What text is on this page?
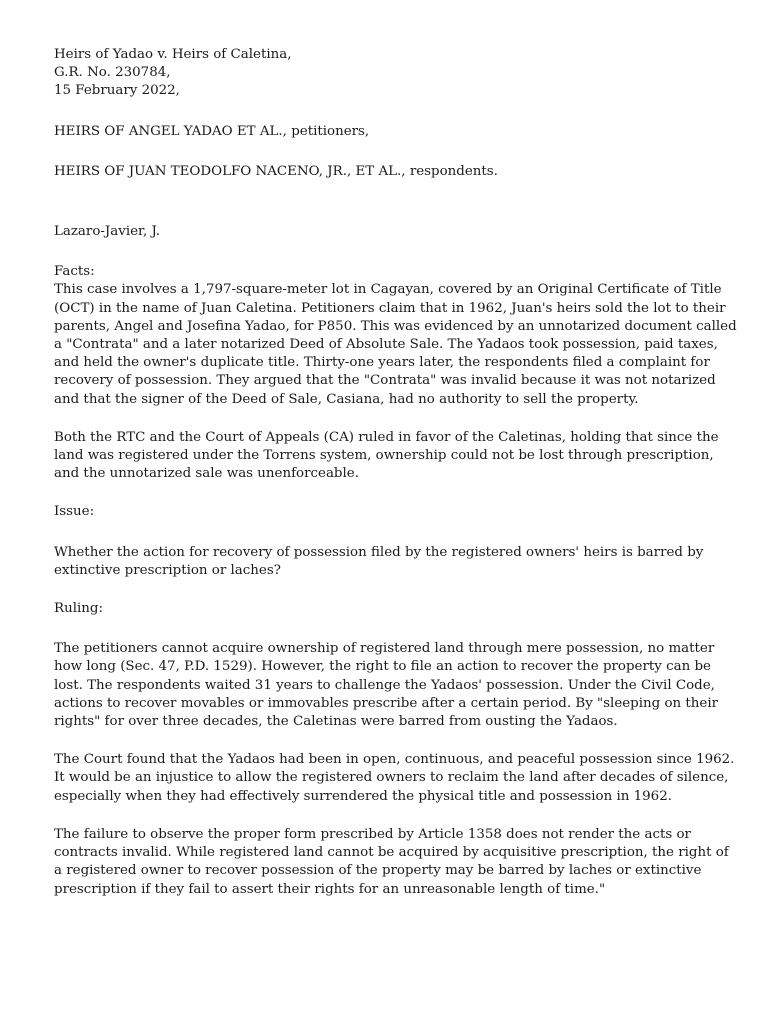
Heirs of Yadao v. Heirs of Caletina,
G.R. No. 230784,
15 February 2022,
HEIRS OF ANGEL YADAO ET AL., petitioners,
HEIRS OF JUAN TEODOLFO NACENO, JR., ET AL., respondents.
Lazaro-Javier, J.
Facts:

This case involves a 1,797-square-meter lot in Cagayan, covered by an Original Certificate of Title (OCT) in the name of Juan Caletina. Petitioners claim that in 1962, Juan's heirs sold the lot to their parents, Angel and Josefina Yadao, for P850. This was evidenced by an unnotarized document called a "Contrata" and a later notarized Deed of Absolute Sale. The Yadaos took possession, paid taxes, and held the owner's duplicate title. Thirty-one years later, the respondents filed a complaint for recovery of possession. They argued that the "Contrata" was invalid because it was not notarized and that the signer of the Deed of Sale, Casiana, had no authority to sell the property.

Both the RTC and the Court of Appeals (CA) ruled in favor of the Caletinas, holding that since the land was registered under the Torrens system, ownership could not be lost through prescription, and the unnotarized sale was unenforceable.

Issue:

Whether the action for recovery of possession filed by the registered owners' heirs is barred by extinctive prescription or laches?

Ruling:

The petitioners cannot acquire ownership of registered land through mere possession, no matter how long (Sec. 47, P.D. 1529). However, the right to file an action to recover the property can be lost. The respondents waited 31 years to challenge the Yadaos' possession. Under the Civil Code, actions to recover movables or immovables prescribe after a certain period. By "sleeping on their rights" for over three decades, the Caletinas were barred from ousting the Yadaos.

The Court found that the Yadaos had been in open, continuous, and peaceful possession since 1962. It would be an injustice to allow the registered owners to reclaim the land after decades of silence, especially when they had effectively surrendered the physical title and possession in 1962.

The failure to observe the proper form prescribed by Article 1358 does not render the acts or contracts invalid. While registered land cannot be acquired by acquisitive prescription, the right of a registered owner to recover possession of the property may be barred by laches or extinctive prescription if they fail to assert their rights for an unreasonable length of time."
